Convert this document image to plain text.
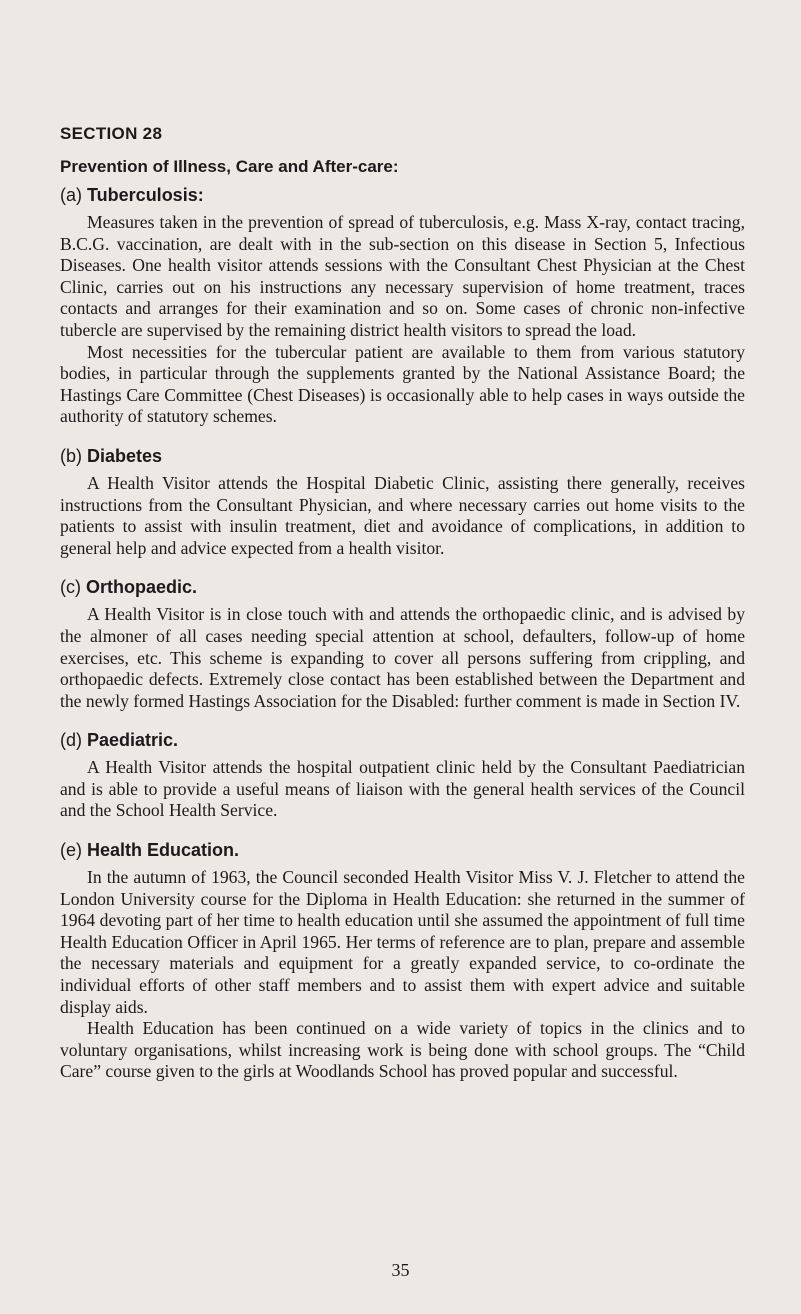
SECTION 28
Prevention of Illness, Care and After-care:
(a) Tuberculosis:

Measures taken in the prevention of spread of tuberculosis, e.g. Mass X-ray, contact tracing, B.C.G. vaccination, are dealt with in the sub-section on this disease in Section 5, Infectious Diseases. One health visitor attends sessions with the Consultant Chest Physician at the Chest Clinic, carries out on his instructions any necessary supervision of home treatment, traces contacts and arranges for their examination and so on. Some cases of chronic non-infective tubercle are supervised by the remaining district health visitors to spread the load.

Most necessities for the tubercular patient are available to them from various statutory bodies, in particular through the supplements granted by the National Assistance Board; the Hastings Care Committee (Chest Diseases) is occasionally able to help cases in ways outside the authority of statutory schemes.

(b) Diabetes

A Health Visitor attends the Hospital Diabetic Clinic, assisting there generally, receives instructions from the Consultant Physician, and where necessary carries out home visits to the patients to assist with insulin treatment, diet and avoidance of complications, in addition to general help and advice expected from a health visitor.

(c) Orthopaedic.

A Health Visitor is in close touch with and attends the orthopaedic clinic, and is advised by the almoner of all cases needing special attention at school, defaulters, follow-up of home exercises, etc. This scheme is expanding to cover all persons suffering from crippling, and orthopaedic defects. Extremely close contact has been established between the Department and the newly formed Hastings Association for the Disabled: further comment is made in Section IV.

(d) Paediatric.

A Health Visitor attends the hospital outpatient clinic held by the Consultant Paediatrician and is able to provide a useful means of liaison with the general health services of the Council and the School Health Service.

(e) Health Education.

In the autumn of 1963, the Council seconded Health Visitor Miss V. J. Fletcher to attend the London University course for the Diploma in Health Education: she returned in the summer of 1964 devoting part of her time to health education until she assumed the appointment of full time Health Education Officer in April 1965. Her terms of reference are to plan, prepare and assemble the necessary materials and equipment for a greatly expanded service, to co-ordinate the individual efforts of other staff members and to assist them with expert advice and suitable display aids.

Health Education has been continued on a wide variety of topics in the clinics and to voluntary organisations, whilst increasing work is being done with school groups. The “Child Care” course given to the girls at Woodlands School has proved popular and successful.

35
